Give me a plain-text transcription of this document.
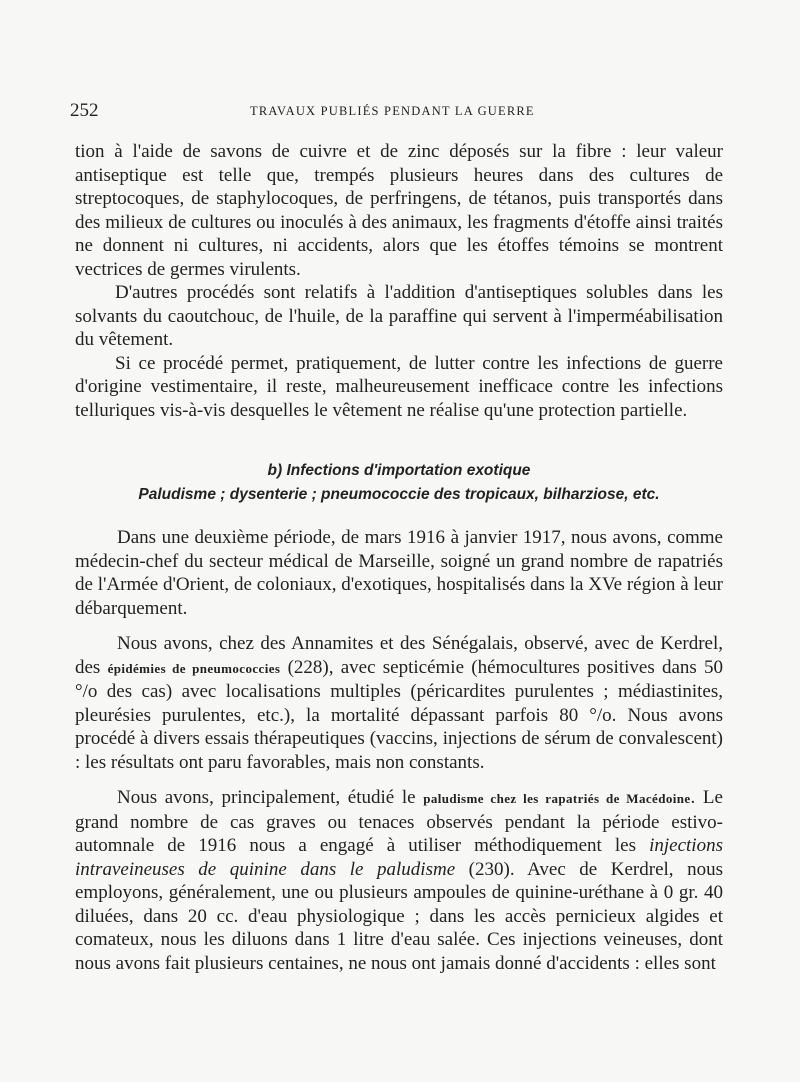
252	TRAVAUX PUBLIÉS PENDANT LA GUERRE

tion à l'aide de savons de cuivre et de zinc déposés sur la fibre : leur valeur antiseptique est telle que, trempés plusieurs heures dans des cultures de streptocoques, de staphylocoques, de perfringens, de tétanos, puis transportés dans des milieux de cultures ou inoculés à des animaux, les fragments d'étoffe ainsi traités ne donnent ni cultures, ni accidents, alors que les étoffes témoins se montrent vectrices de germes virulents.

D'autres procédés sont relatifs à l'addition d'antiseptiques solubles dans les solvants du caoutchouc, de l'huile, de la paraffine qui servent à l'imperméabilisation du vêtement.

Si ce procédé permet, pratiquement, de lutter contre les infections de guerre d'origine vestimentaire, il reste, malheureusement inefficace contre les infections telluriques vis-à-vis desquelles le vêtement ne réalise qu'une protection partielle.

b) Infections d'importation exotique

Paludisme ; dysenterie ; pneumococcie des tropicaux, bilharziose, etc.

Dans une deuxième période, de mars 1916 à janvier 1917, nous avons, comme médecin-chef du secteur médical de Marseille, soigné un grand nombre de rapatriés de l'Armée d'Orient, de coloniaux, d'exotiques, hospitalisés dans la XVe région à leur débarquement.

Nous avons, chez des Annamites et des Sénégalais, observé, avec de Kerdrel, des épidémies de pneumococcies (228), avec septicémie (hémocultures positives dans 50 °/o des cas) avec localisations multiples (péricardites purulentes ; médiastinites, pleurésies purulentes, etc.), la mortalité dépassant parfois 80 °/o. Nous avons procédé à divers essais thérapeutiques (vaccins, injections de sérum de convalescent) : les résultats ont paru favorables, mais non constants.

Nous avons, principalement, étudié le paludisme chez les rapatriés de Macédoine. Le grand nombre de cas graves ou tenaces observés pendant la période estivo-automnale de 1916 nous a engagé à utiliser méthodiquement les injections intraveineuses de quinine dans le paludisme (230). Avec de Kerdrel, nous employons, généralement, une ou plusieurs ampoules de quinine-uréthane à 0 gr. 40 diluées, dans 20 cc. d'eau physiologique ; dans les accès pernicieux algides et comateux, nous les diluons dans 1 litre d'eau salée. Ces injections veineuses, dont nous avons fait plusieurs centaines, ne nous ont jamais donné d'accidents : elles sont
